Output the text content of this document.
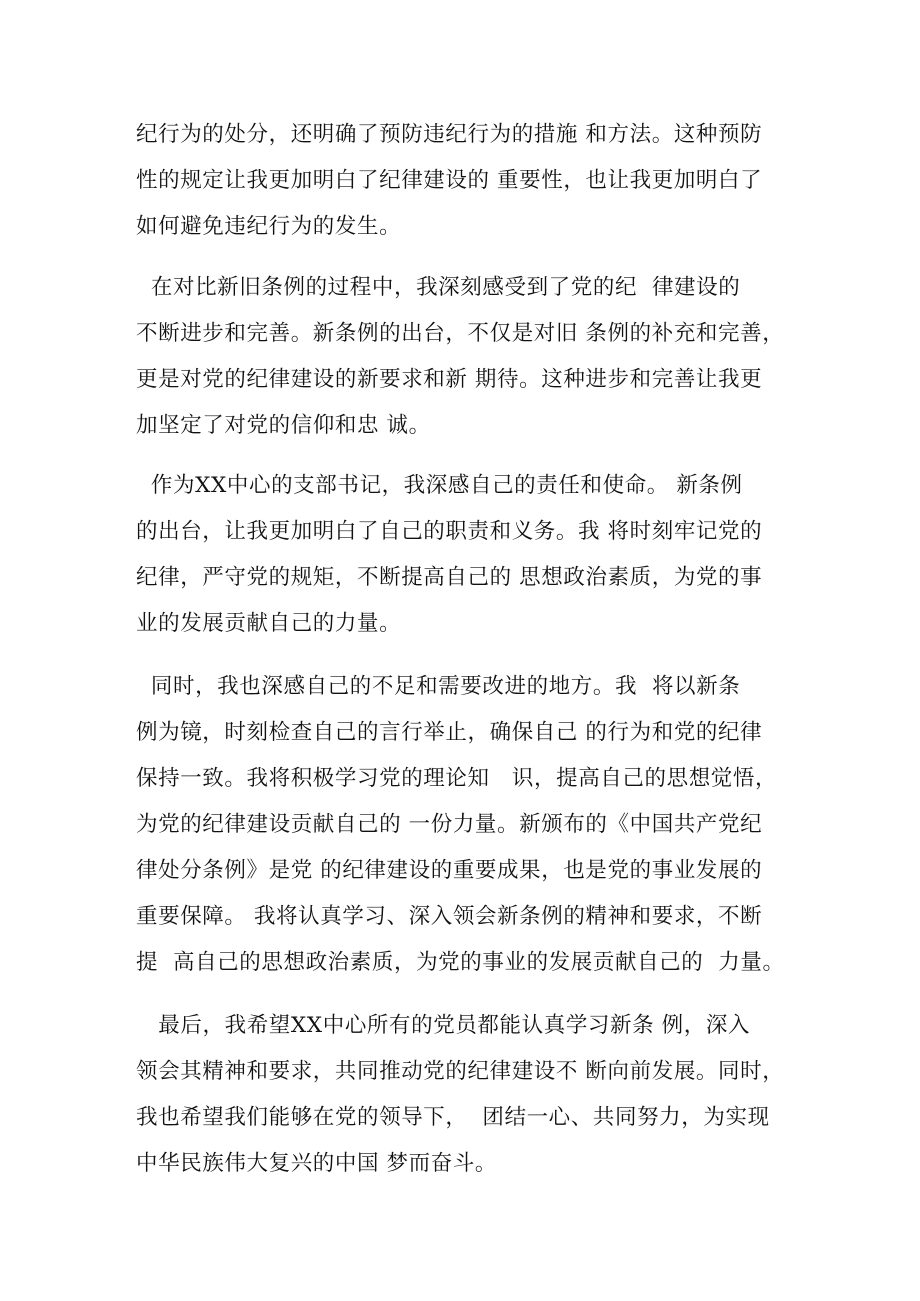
纪行为的处分，还明确了预防违纪行为的措施 和方法。这种预防
性的规定让我更加明白了纪律建设的 重要性，也让我更加明白了
如何避免违纪行为的发生。
在对比新旧条例的过程中，我深刻感受到了党的纪  律建设的
不断进步和完善。新条例的出台，不仅是对旧 条例的补充和完善，
更是对党的纪律建设的新要求和新 期待。这种进步和完善让我更
加坚定了对党的信仰和忠 诚。
作为XX中心的支部书记，我深感自己的责任和使命。 新条例
的出台，让我更加明白了自己的职责和义务。我 将时刻牢记党的
纪律，严守党的规矩，不断提高自己的 思想政治素质，为党的事
业的发展贡献自己的力量。
同时，我也深感自己的不足和需要改进的地方。我  将以新条
例为镜，时刻检查自己的言行举止，确保自己 的行为和党的纪律
保持一致。我将积极学习党的理论知   识，提高自己的思想觉悟，
为党的纪律建设贡献自己的 一份力量。新颁布的《中国共产党纪
律处分条例》是党 的纪律建设的重要成果，也是党的事业发展的
重要保障。 我将认真学习、深入领会新条例的精神和要求，不断
提  高自己的思想政治素质，为党的事业的发展贡献自己的  力量。
最后，我希望XX中心所有的党员都能认真学习新条 例，深入
领会其精神和要求，共同推动党的纪律建设不 断向前发展。同时，
我也希望我们能够在党的领导下，  团结一心、共同努力，为实现
中华民族伟大复兴的中国 梦而奋斗。
